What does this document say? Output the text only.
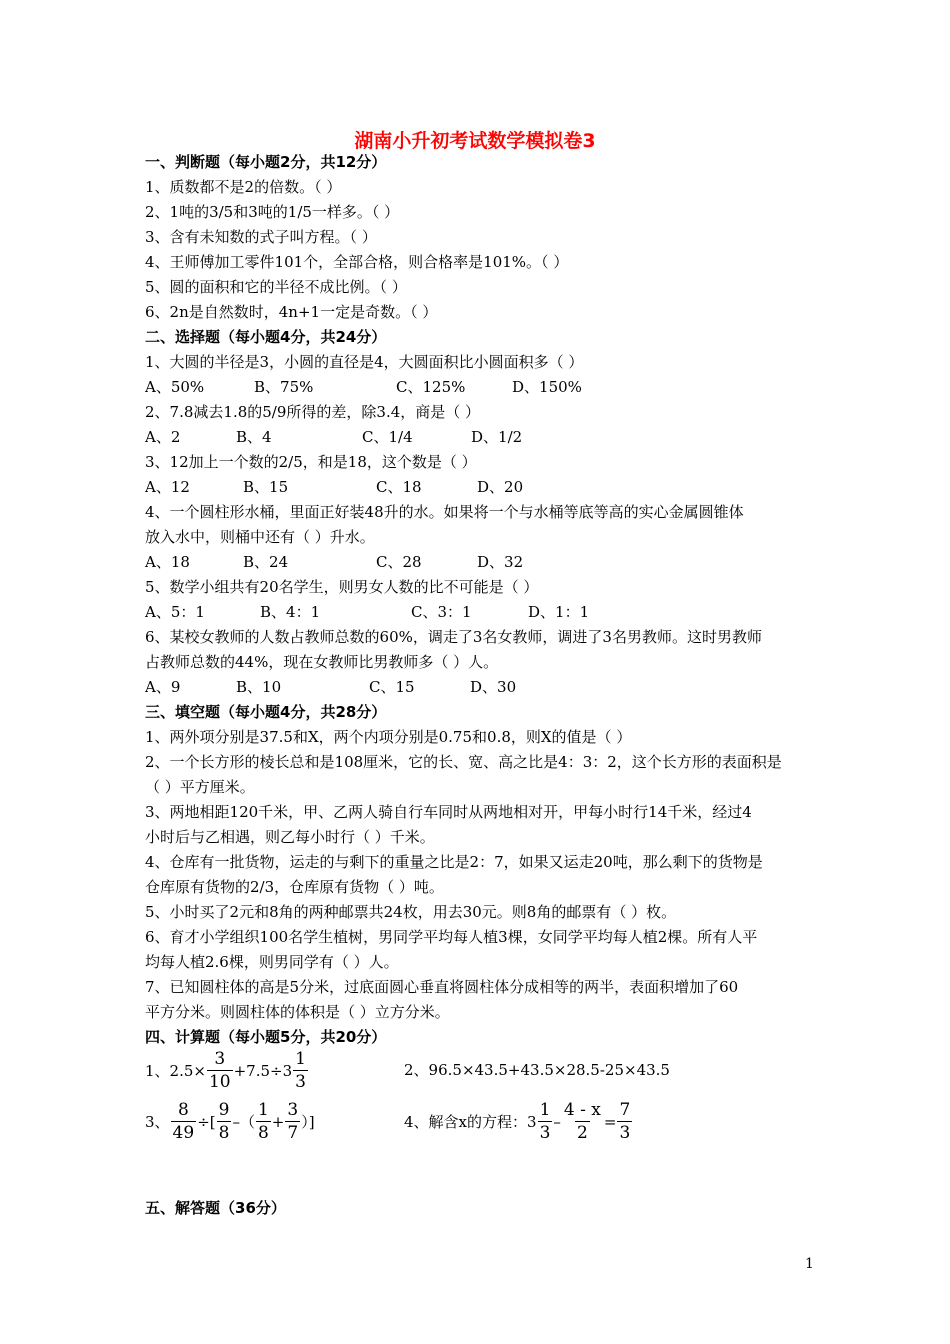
湖南小升初考试数学模拟卷3
一、判断题（每小题2分，共12分）
1、质数都不是2的倍数。（ ）
2、1吨的3/5和3吨的1/5一样多。（ ）
3、含有未知数的式子叫方程。（ ）
4、王师傅加工零件101个，全部合格，则合格率是101%。（ ）
5、圆的面积和它的半径不成比例。（ ）
6、2n是自然数时，4n+1一定是奇数。（ ）
二、选择题（每小题4分，共24分）
1、大圆的半径是3，小圆的直径是4，大圆面积比小圆面积多（ ）
A、50%	B、75%	C、125%	D、150%
2、7.8减去1.8的5/9所得的差，除3.4，商是（ ）
A、2	B、4	C、1/4	D、1/2
3、12加上一个数的2/5，和是18，这个数是（ ）
A、12	B、15	C、18	D、20
4、一个圆柱形水桶，里面正好装48升的水。如果将一个与水桶等底等高的实心金属圆锥体
放入水中，则桶中还有（ ）升水。
A、18	B、24	C、28	D、32
5、数学小组共有20名学生，则男女人数的比不可能是（ ）
A、5：1	B、4：1	C、3：1	D、1：1
6、某校女教师的人数占教师总数的60%，调走了3名女教师，调进了3名男教师。这时男教师
占教师总数的44%，现在女教师比男教师多（ ）人。
A、9	B、10	C、15	D、30
三、填空题（每小题4分，共28分）
1、两外项分别是37.5和X，两个内项分别是0.75和0.8，则X的值是（ ）
2、一个长方形的棱长总和是108厘米，它的长、宽、高之比是4：3：2，这个长方形的表面积是
（ ）平方厘米。
3、两地相距120千米，甲、乙两人骑自行车同时从两地相对开，甲每小时行14千米，经过4
小时后与乙相遇，则乙每小时行（ ）千米。
4、仓库有一批货物，运走的与剩下的重量之比是2：7，如果又运走20吨，那么剩下的货物是
仓库原有货物的2/3，仓库原有货物（ ）吨。
5、小时买了2元和8角的两种邮票共24枚，用去30元。则8角的邮票有（ ）枚。
6、育才小学组织100名学生植树，男同学平均每人植3棵，女同学平均每人植2棵。所有人平
均每人植2.6棵，则男同学有（ ）人。
7、已知圆柱体的高是5分米，过底面圆心垂直将圆柱体分成相等的两半，表面积增加了60
平方分米。则圆柱体的体积是（ ）立方分米。
四、计算题（每小题5分，共20分）
1、$2.5\times \frac{3}{10} +7.5\div 3 \frac{1}{3}$	2、96.5×43.5+43.5×28.5-25×43.5
3、 $\frac{8}{49}$ ÷[ $\frac{9}{8}$ –（ $\frac{1}{8} + \frac{3}{7}$ ）]	4、解含x的方程：$3 \frac{1}{3} - \frac{4 - x}{2} = \frac{7}{3}$
五、解答题（36分）
1
